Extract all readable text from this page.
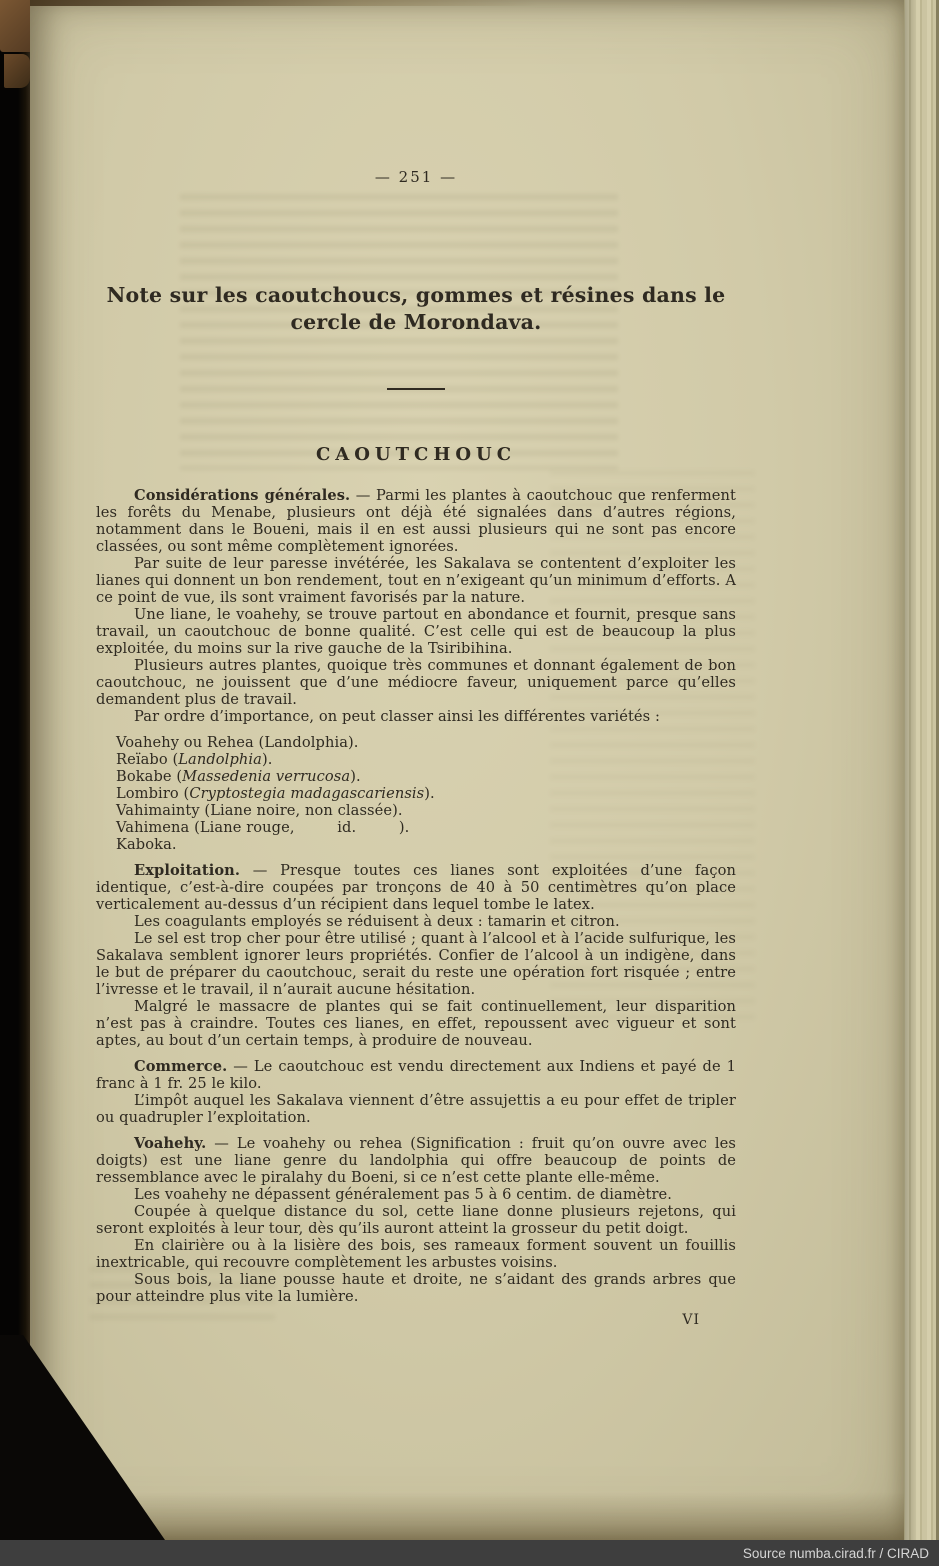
— 251 —
Note sur les caoutchoucs, gommes et résines dans le cercle de Morondava.
CAOUTCHOUC

Considérations générales. — Parmi les plantes à caoutchouc que renferment les forêts du Menabe, plusieurs ont déjà été signalées dans d’autres régions, notamment dans le Boueni, mais il en est aussi plusieurs qui ne sont pas encore classées, ou sont même complètement ignorées.

Par suite de leur paresse invétérée, les Sakalava se contentent d’exploiter les lianes qui donnent un bon rendement, tout en n’exigeant qu’un minimum d’efforts. A ce point de vue, ils sont vraiment favorisés par la nature.

Une liane, le voahehy, se trouve partout en abondance et fournit, presque sans travail, un caoutchouc de bonne qualité. C’est celle qui est de beaucoup la plus exploitée, du moins sur la rive gauche de la Tsiribihina.

Plusieurs autres plantes, quoique très communes et donnant également de bon caoutchouc, ne jouissent que d’une médiocre faveur, uniquement parce qu’elles demandent plus de travail.

Par ordre d’importance, on peut classer ainsi les différentes variétés :

Voahehy ou Rehea (Landolphia).
Reïabo (Landolphia).
Bokabe (Massedenia verrucosa).
Lombiro (Cryptostegia madagascariensis).
Vahimainty (Liane noire, non classée).
Vahimena (Liane rouge,         id.         ).
Kaboka.

Exploitation. — Presque toutes ces lianes sont exploitées d’une façon identique, c’est-à-dire coupées par tronçons de 40 à 50 centimètres qu’on place verticalement au-dessus d’un récipient dans lequel tombe le latex.

Les coagulants employés se réduisent à deux : tamarin et citron.

Le sel est trop cher pour être utilisé ; quant à l’alcool et à l’acide sulfurique, les Sakalava semblent ignorer leurs propriétés. Confier de l’alcool à un indigène, dans le but de préparer du caoutchouc, serait du reste une opération fort risquée ; entre l’ivresse et le travail, il n’aurait aucune hésitation.

Malgré le massacre de plantes qui se fait continuellement, leur disparition n’est pas à craindre. Toutes ces lianes, en effet, repoussent avec vigueur et sont aptes, au bout d’un certain temps, à produire de nouveau.

Commerce. — Le caoutchouc est vendu directement aux Indiens et payé de 1 franc à 1 fr. 25 le kilo.

L’impôt auquel les Sakalava viennent d’être assujettis a eu pour effet de tripler ou quadrupler l’exploitation.

Voahehy. — Le voahehy ou rehea (Signification : fruit qu’on ouvre avec les doigts) est une liane genre du landolphia qui offre beaucoup de points de ressemblance avec le piralahy du Boeni, si ce n’est cette plante elle-même.

Les voahehy ne dépassent généralement pas 5 à 6 centim. de diamètre.

Coupée à quelque distance du sol, cette liane donne plusieurs rejetons, qui seront exploités à leur tour, dès qu’ils auront atteint la grosseur du petit doigt.

En clairière ou à la lisière des bois, ses rameaux forment souvent un fouillis inextricable, qui recouvre complètement les arbustes voisins.

Sous bois, la liane pousse haute et droite, ne s’aidant des grands arbres que pour atteindre plus vite la lumière.

VI
Source numba.cirad.fr / CIRAD
